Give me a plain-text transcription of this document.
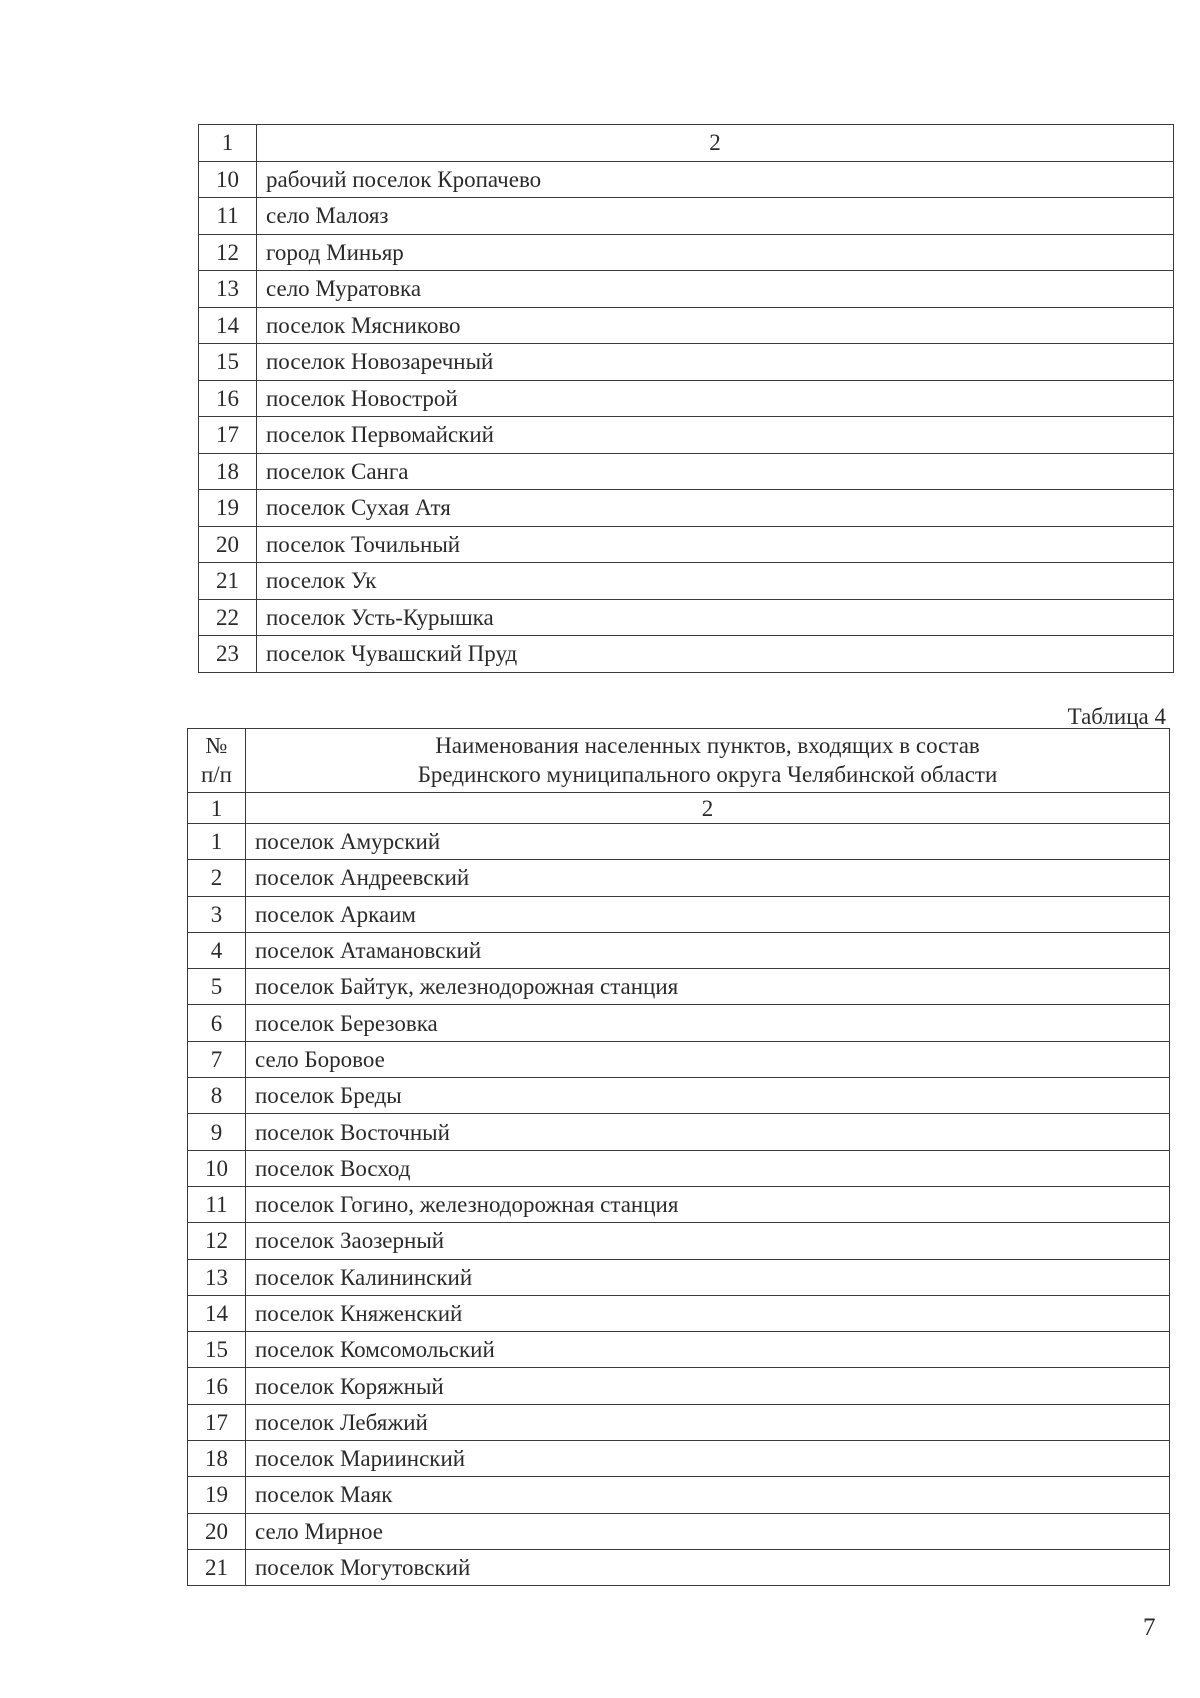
1	2
10	рабочий поселок Кропачево
11	село Малояз
12	город Миньяр
13	село Муратовка
14	поселок Мясниково
15	поселок Новозаречный
16	поселок Новострой
17	поселок Первомайский
18	поселок Санга
19	поселок Сухая Атя
20	поселок Точильный
21	поселок Ук
22	поселок Усть-Курышка
23	поселок Чувашский Пруд
Таблица 4
№
п/п	Наименования населенных пунктов, входящих в состав
Брединского муниципального округа Челябинской области
1	2
1	поселок Амурский
2	поселок Андреевский
3	поселок Аркаим
4	поселок Атамановский
5	поселок Байтук, железнодорожная станция
6	поселок Березовка
7	село Боровое
8	поселок Бреды
9	поселок Восточный
10	поселок Восход
11	поселок Гогино, железнодорожная станция
12	поселок Заозерный
13	поселок Калининский
14	поселок Княженский
15	поселок Комсомольский
16	поселок Коряжный
17	поселок Лебяжий
18	поселок Мариинский
19	поселок Маяк
20	село Мирное
21	поселок Могутовский
7
